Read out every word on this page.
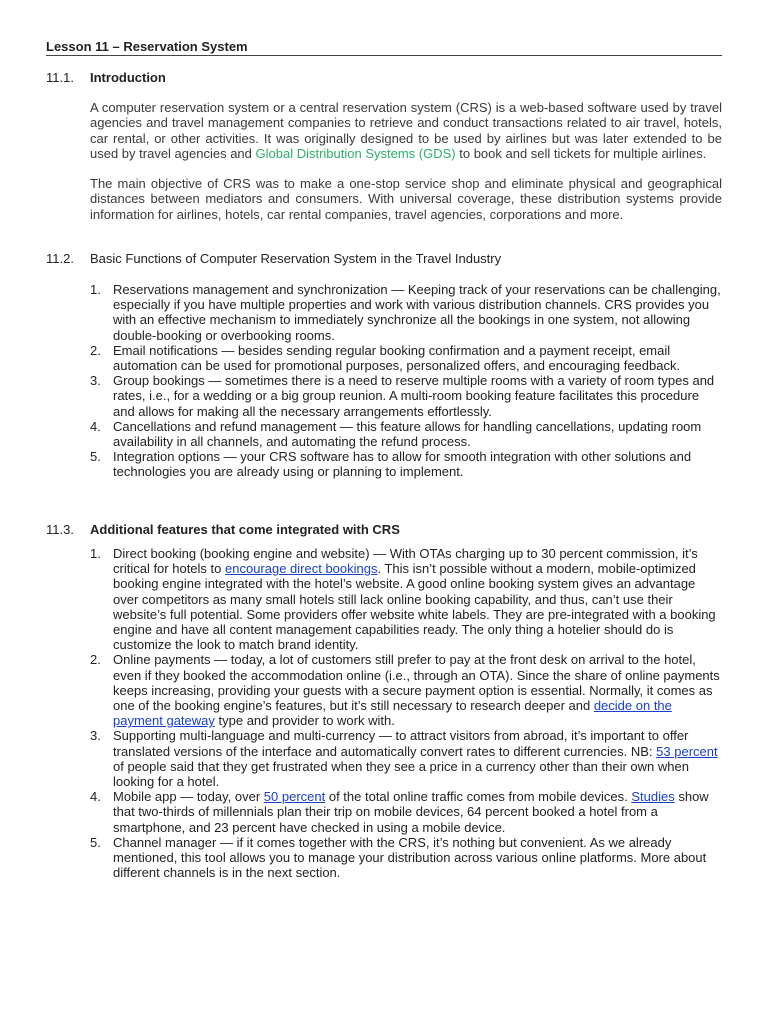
Lesson 11 – Reservation System
11.1. Introduction

A computer reservation system or a central reservation system (CRS) is a web-based software used by travel agencies and travel management companies to retrieve and conduct transactions related to air travel, hotels, car rental, or other activities. It was originally designed to be used by airlines but was later extended to be used by travel agencies and Global Distribution Systems (GDS) to book and sell tickets for multiple airlines.

The main objective of CRS was to make a one-stop service shop and eliminate physical and geographical distances between mediators and consumers. With universal coverage, these distribution systems provide information for airlines, hotels, car rental companies, travel agencies, corporations and more.

11.2. Basic Functions of Computer Reservation System in the Travel Industry
1. Reservations management and synchronization — Keeping track of your reservations can be challenging, especially if you have multiple properties and work with various distribution channels. CRS provides you with an effective mechanism to immediately synchronize all the bookings in one system, not allowing double-booking or overbooking rooms.
2. Email notifications — besides sending regular booking confirmation and a payment receipt, email automation can be used for promotional purposes, personalized offers, and encouraging feedback.
3. Group bookings — sometimes there is a need to reserve multiple rooms with a variety of room types and rates, i.e., for a wedding or a big group reunion. A multi-room booking feature facilitates this procedure and allows for making all the necessary arrangements effortlessly.
4. Cancellations and refund management — this feature allows for handling cancellations, updating room availability in all channels, and automating the refund process.
5. Integration options — your CRS software has to allow for smooth integration with other solutions and technologies you are already using or planning to implement.
11.3. Additional features that come integrated with CRS
1. Direct booking (booking engine and website) — With OTAs charging up to 30 percent commission, it’s critical for hotels to encourage direct bookings. This isn’t possible without a modern, mobile-optimized booking engine integrated with the hotel’s website. A good online booking system gives an advantage over competitors as many small hotels still lack online booking capability, and thus, can’t use their website’s full potential. Some providers offer website white labels. They are pre-integrated with a booking engine and have all content management capabilities ready. The only thing a hotelier should do is customize the look to match brand identity.
2. Online payments — today, a lot of customers still prefer to pay at the front desk on arrival to the hotel, even if they booked the accommodation online (i.e., through an OTA). Since the share of online payments keeps increasing, providing your guests with a secure payment option is essential. Normally, it comes as one of the booking engine’s features, but it’s still necessary to research deeper and decide on the payment gateway type and provider to work with.
3. Supporting multi-language and multi-currency — to attract visitors from abroad, it’s important to offer translated versions of the interface and automatically convert rates to different currencies. NB: 53 percent of people said that they get frustrated when they see a price in a currency other than their own when looking for a hotel.
4. Mobile app — today, over 50 percent of the total online traffic comes from mobile devices. Studies show that two-thirds of millennials plan their trip on mobile devices, 64 percent booked a hotel from a smartphone, and 23 percent have checked in using a mobile device.
5. Channel manager — if it comes together with the CRS, it’s nothing but convenient. As we already mentioned, this tool allows you to manage your distribution across various online platforms. More about different channels is in the next section.
